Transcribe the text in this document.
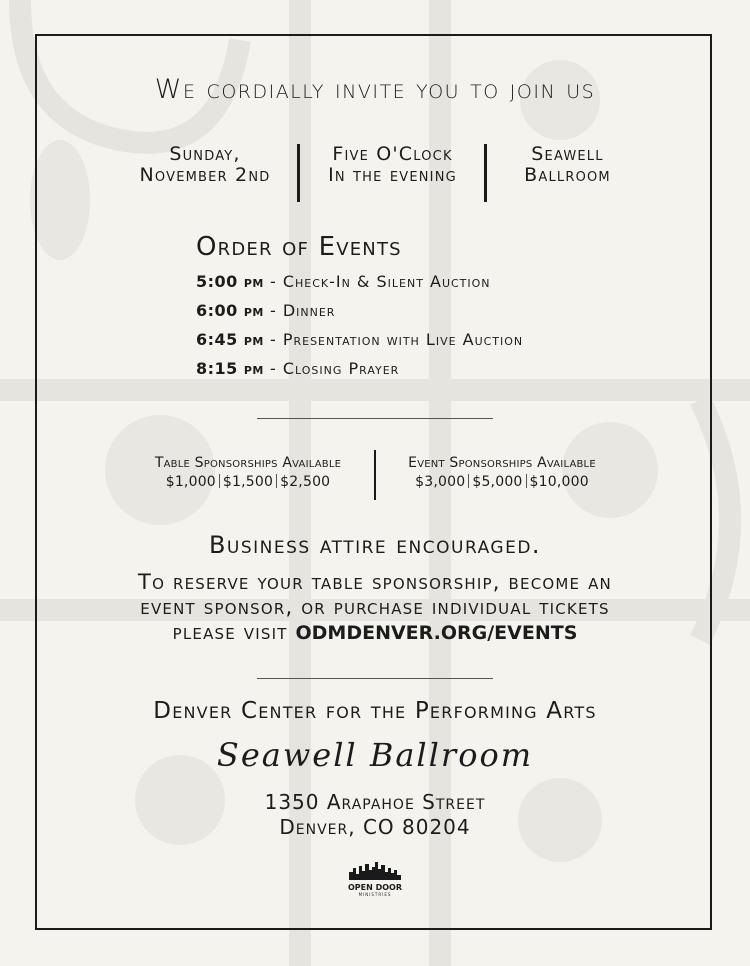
We cordially invite you to join us
Sunday,
November 2nd
Five O'Clock
In the evening
Seawell
Ballroom
Order of Events
5:00 pm - Check-In & Silent Auction
6:00 pm - Dinner
6:45 pm - Presentation with Live Auction
8:15 pm - Closing Prayer
Table Sponsorships Available
$1,000 $1,500 $2,500
Event Sponsorships Available
$3,000 $5,000 $10,000
Business attire encouraged.
To reserve your table sponsorship, become an
event sponsor, or purchase individual tickets
please visit ODMDENVER.ORG/EVENTS
Denver Center for the Performing Arts
Seawell Ballroom
1350 Arapahoe Street
Denver, CO 80204
OPEN DOOR
MINISTRIES
